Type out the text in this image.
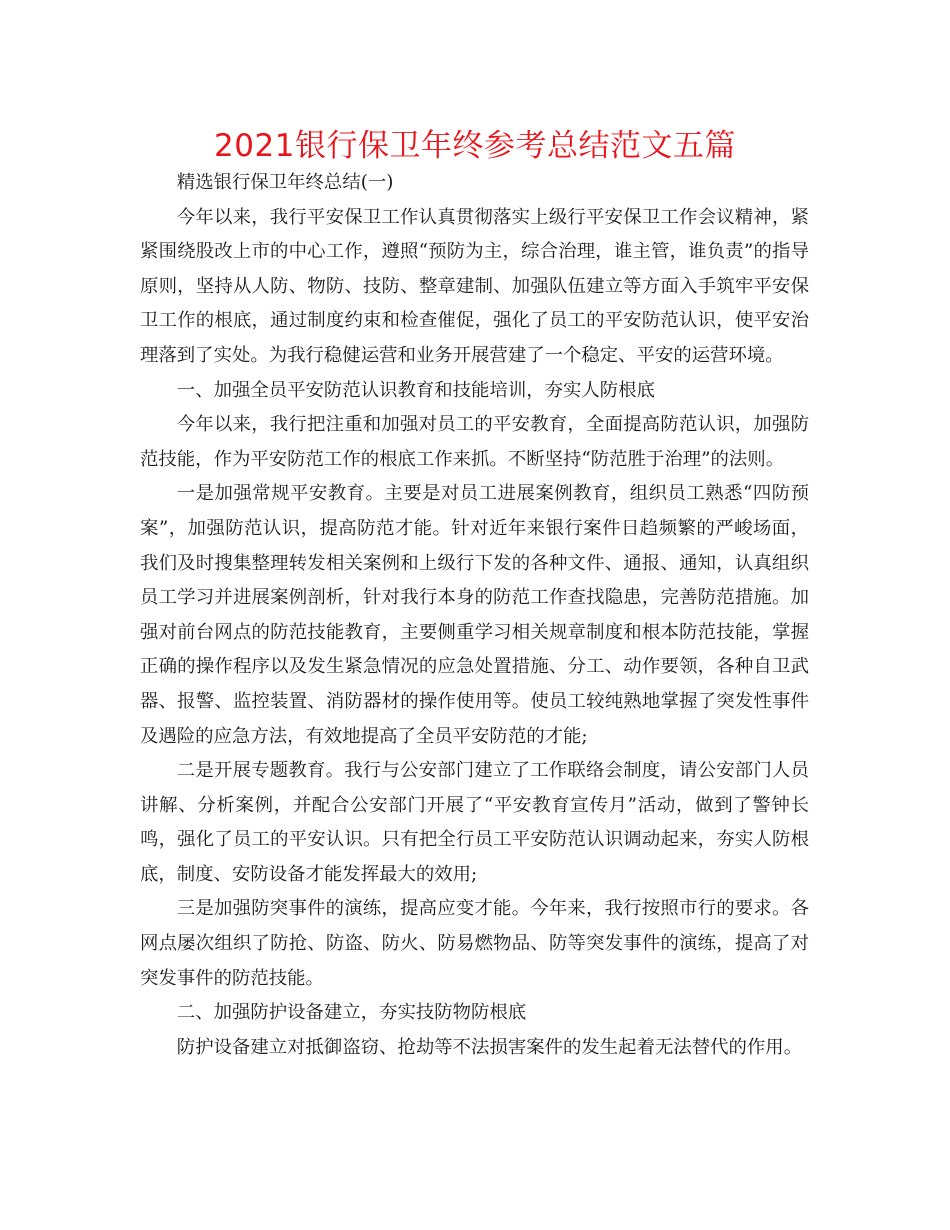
2021银行保卫年终参考总结范文五篇

精选银行保卫年终总结(一)

今年以来，我行平安保卫工作认真贯彻落实上级行平安保卫工作会议精神，紧紧围绕股改上市的中心工作，遵照“预防为主，综合治理，谁主管，谁负责”的指导原则，坚持从人防、物防、技防、整章建制、加强队伍建立等方面入手筑牢平安保卫工作的根底，通过制度约束和检查催促，强化了员工的平安防范认识，使平安治理落到了实处。为我行稳健运营和业务开展营建了一个稳定、平安的运营环境。

一、加强全员平安防范认识教育和技能培训，夯实人防根底

今年以来，我行把注重和加强对员工的平安教育，全面提高防范认识，加强防范技能，作为平安防范工作的根底工作来抓。不断坚持“防范胜于治理”的法则。

一是加强常规平安教育。主要是对员工进展案例教育，组织员工熟悉“四防预案”，加强防范认识，提高防范才能。针对近年来银行案件日趋频繁的严峻场面，我们及时搜集整理转发相关案例和上级行下发的各种文件、通报、通知，认真组织员工学习并进展案例剖析，针对我行本身的防范工作查找隐患，完善防范措施。加强对前台网点的防范技能教育，主要侧重学习相关规章制度和根本防范技能，掌握正确的操作程序以及发生紧急情况的应急处置措施、分工、动作要领，各种自卫武器、报警、监控装置、消防器材的操作使用等。使员工较纯熟地掌握了突发性事件及遇险的应急方法，有效地提高了全员平安防范的才能;

二是开展专题教育。我行与公安部门建立了工作联络会制度，请公安部门人员讲解、分析案例，并配合公安部门开展了“平安教育宣传月”活动，做到了警钟长鸣，强化了员工的平安认识。只有把全行员工平安防范认识调动起来，夯实人防根底，制度、安防设备才能发挥最大的效用;

三是加强防突事件的演练，提高应变才能。今年来，我行按照市行的要求。各网点屡次组织了防抢、防盗、防火、防易燃物品、防等突发事件的演练，提高了对突发事件的防范技能。

二、加强防护设备建立，夯实技防物防根底

防护设备建立对抵御盗窃、抢劫等不法损害案件的发生起着无法替代的作用。
